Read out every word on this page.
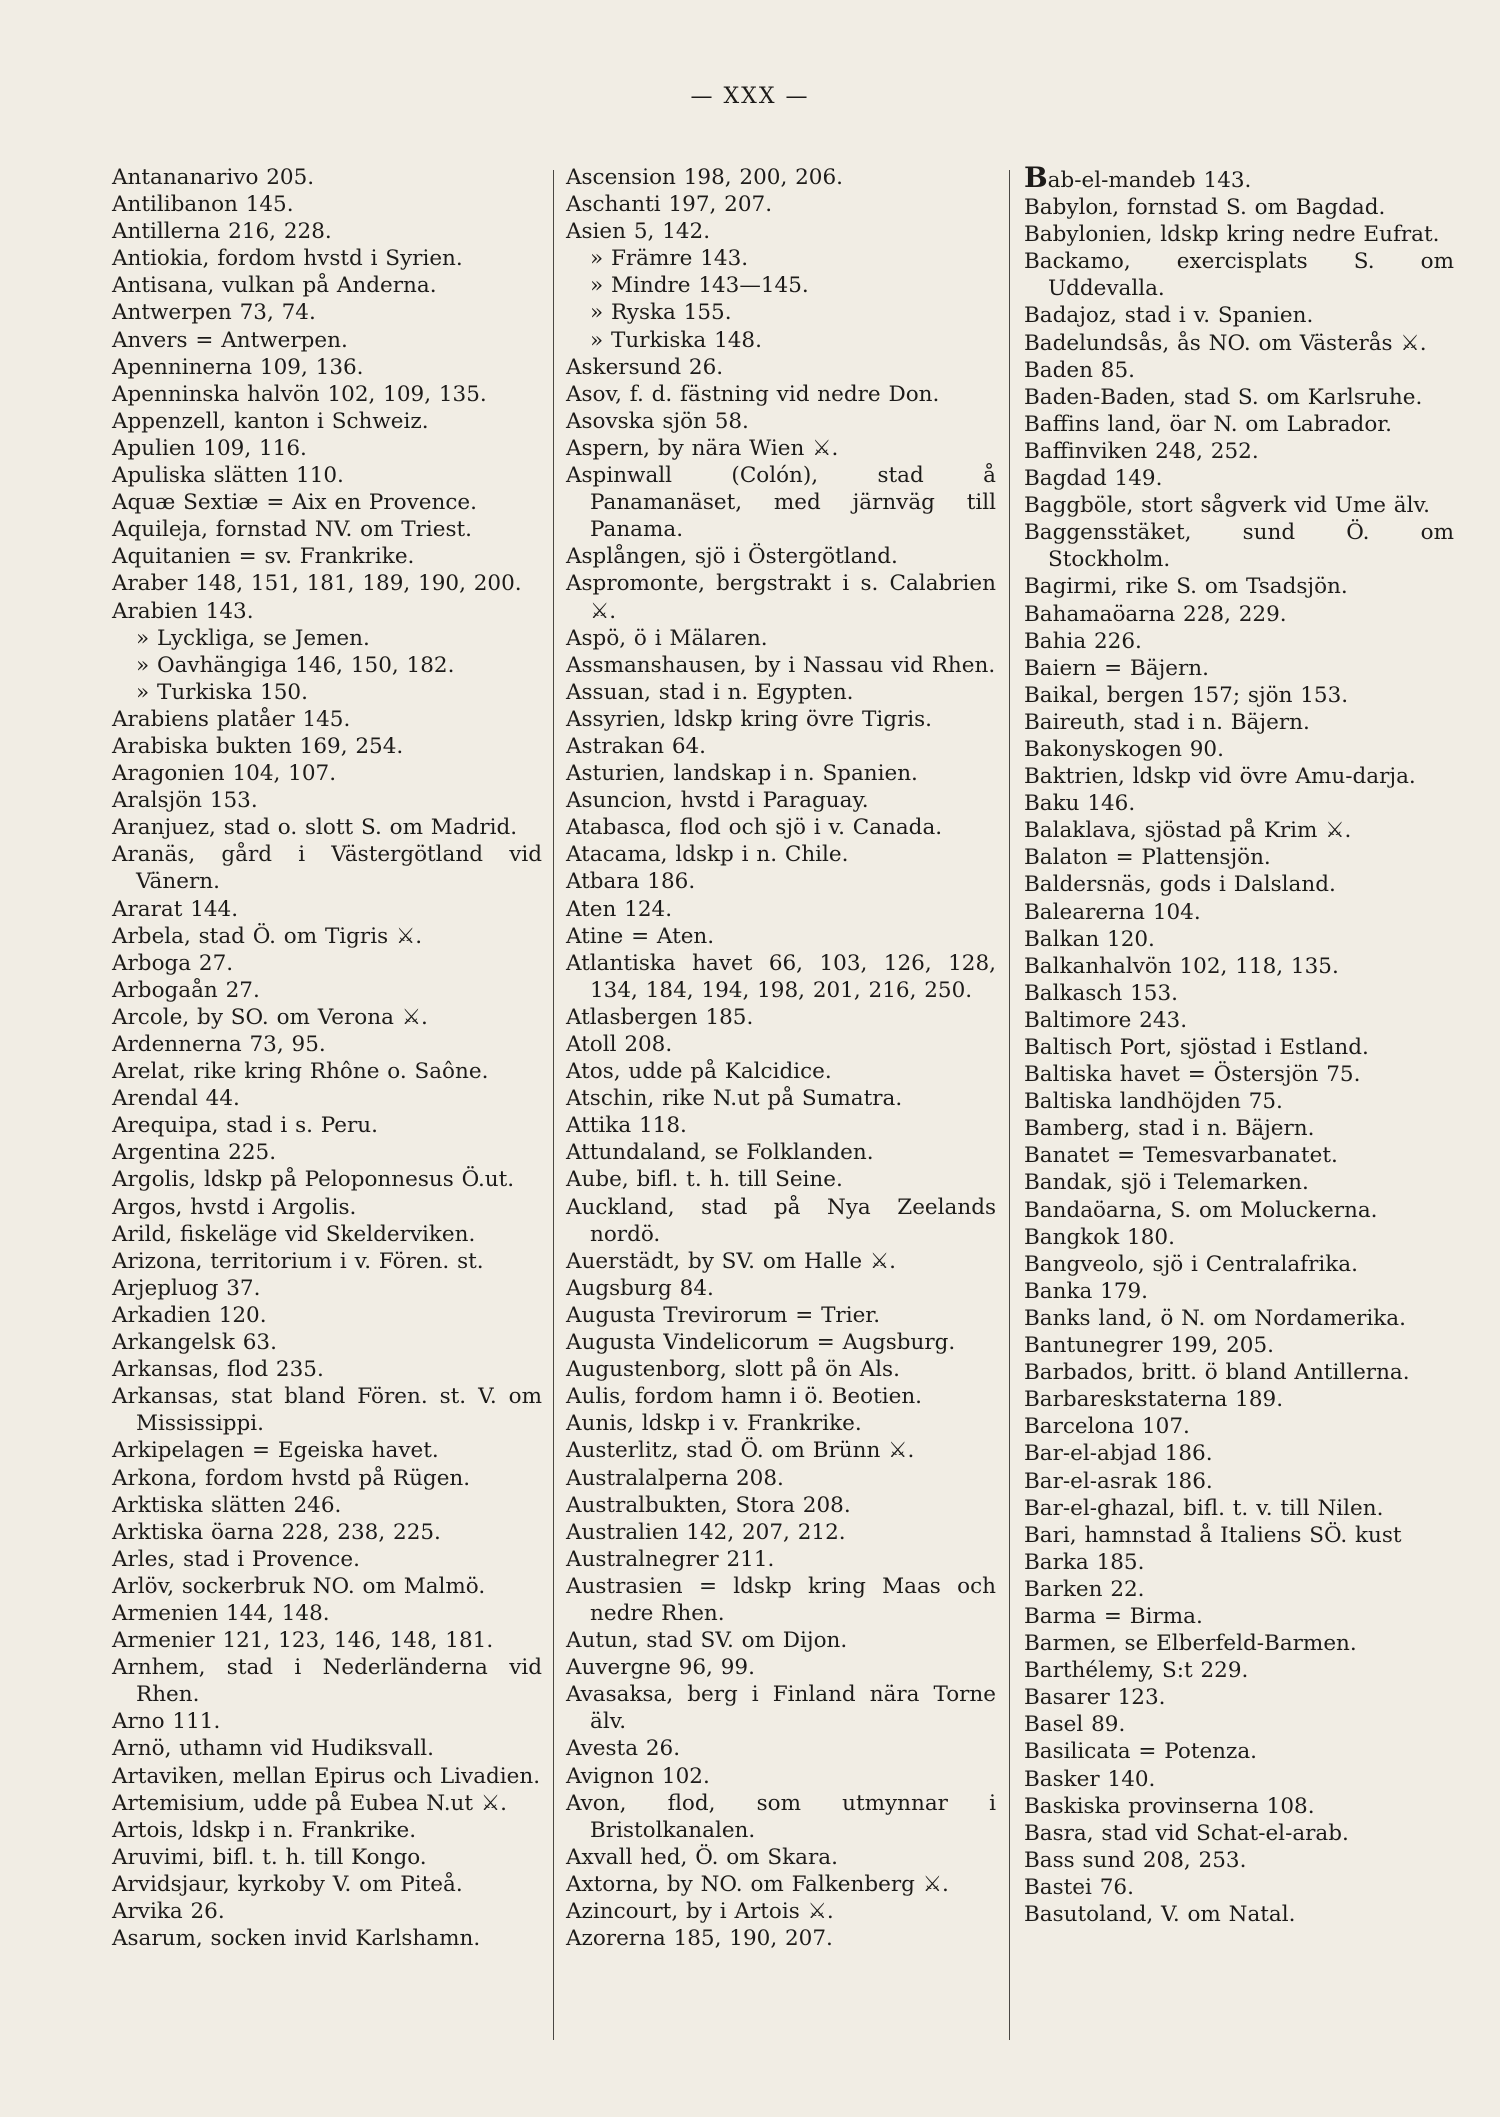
— XXX —
Antananarivo 205.
Antilibanon 145.
Antillerna 216, 228.
Antiokia, fordom hvstd i Syrien.
Antisana, vulkan på Anderna.
Antwerpen 73, 74.
Anvers = Antwerpen.
Apenninerna 109, 136.
Apenninska halvön 102, 109, 135.
Appenzell, kanton i Schweiz.
Apulien 109, 116.
Apuliska slätten 110.
Aquæ Sextiæ = Aix en Provence.
Aquileja, fornstad NV. om Triest.
Aquitanien = sv. Frankrike.
Araber 148, 151, 181, 189, 190, 200.
Arabien 143.
» Lyckliga, se Jemen.
» Oavhängiga 146, 150, 182.
» Turkiska 150.
Arabiens platåer 145.
Arabiska bukten 169, 254.
Aragonien 104, 107.
Aralsjön 153.
Aranjuez, stad o. slott S. om Madrid.
Aranäs, gård i Västergötland vid Vänern.
Ararat 144.
Arbela, stad Ö. om Tigris ⚔.
Arboga 27.
Arbogaån 27.
Arcole, by SO. om Verona ⚔.
Ardennerna 73, 95.
Arelat, rike kring Rhône o. Saône.
Arendal 44.
Arequipa, stad i s. Peru.
Argentina 225.
Argolis, ldskp på Peloponnesus Ö.ut.
Argos, hvstd i Argolis.
Arild, fiskeläge vid Skelderviken.
Arizona, territorium i v. Fören. st.
Arjepluog 37.
Arkadien 120.
Arkangelsk 63.
Arkansas, flod 235.
Arkansas, stat bland Fören. st. V. om Mississippi.
Arkipelagen = Egeiska havet.
Arkona, fordom hvstd på Rügen.
Arktiska slätten 246.
Arktiska öarna 228, 238, 225.
Arles, stad i Provence.
Arlöv, sockerbruk NO. om Malmö.
Armenien 144, 148.
Armenier 121, 123, 146, 148, 181.
Arnhem, stad i Nederländerna vid Rhen.
Arno 111.
Arnö, uthamn vid Hudiksvall.
Artaviken, mellan Epirus och Livadien.
Artemisium, udde på Eubea N.ut ⚔.
Artois, ldskp i n. Frankrike.
Aruvimi, bifl. t. h. till Kongo.
Arvidsjaur, kyrkoby V. om Piteå.
Arvika 26.
Asarum, socken invid Karlshamn.
Ascension 198, 200, 206.
Aschanti 197, 207.
Asien 5, 142.
» Främre 143.
» Mindre 143—145.
» Ryska 155.
» Turkiska 148.
Askersund 26.
Asov, f. d. fästning vid nedre Don.
Asovska sjön 58.
Aspern, by nära Wien ⚔.
Aspinwall (Colón), stad å Panamanäset, med järnväg till Panama.
Asplången, sjö i Östergötland.
Aspromonte, bergstrakt i s. Calabrien ⚔.
Aspö, ö i Mälaren.
Assmanshausen, by i Nassau vid Rhen.
Assuan, stad i n. Egypten.
Assyrien, ldskp kring övre Tigris.
Astrakan 64.
Asturien, landskap i n. Spanien.
Asuncion, hvstd i Paraguay.
Atabasca, flod och sjö i v. Canada.
Atacama, ldskp i n. Chile.
Atbara 186.
Aten 124.
Atine = Aten.
Atlantiska havet 66, 103, 126, 128, 134, 184, 194, 198, 201, 216, 250.
Atlasbergen 185.
Atoll 208.
Atos, udde på Kalcidice.
Atschin, rike N.ut på Sumatra.
Attika 118.
Attundaland, se Folklanden.
Aube, bifl. t. h. till Seine.
Auckland, stad på Nya Zeelands nordö.
Auerstädt, by SV. om Halle ⚔.
Augsburg 84.
Augusta Trevirorum = Trier.
Augusta Vindelicorum = Augsburg.
Augustenborg, slott på ön Als.
Aulis, fordom hamn i ö. Beotien.
Aunis, ldskp i v. Frankrike.
Austerlitz, stad Ö. om Brünn ⚔.
Australalperna 208.
Australbukten, Stora 208.
Australien 142, 207, 212.
Australnegrer 211.
Austrasien = ldskp kring Maas och nedre Rhen.
Autun, stad SV. om Dijon.
Auvergne 96, 99.
Avasaksa, berg i Finland nära Torne älv.
Avesta 26.
Avignon 102.
Avon, flod, som utmynnar i Bristolkanalen.
Axvall hed, Ö. om Skara.
Axtorna, by NO. om Falkenberg ⚔.
Azincourt, by i Artois ⚔.
Azorerna 185, 190, 207.
Bab-el-mandeb 143.
Babylon, fornstad S. om Bagdad.
Babylonien, ldskp kring nedre Eufrat.
Backamo, exercisplats S. om Uddevalla.
Badajoz, stad i v. Spanien.
Badelundsås, ås NO. om Västerås ⚔.
Baden 85.
Baden-Baden, stad S. om Karlsruhe.
Baffins land, öar N. om Labrador.
Baffinviken 248, 252.
Bagdad 149.
Baggböle, stort sågverk vid Ume älv.
Baggensstäket, sund Ö. om Stockholm.
Bagirmi, rike S. om Tsadsjön.
Bahamaöarna 228, 229.
Bahia 226.
Baiern = Bäjern.
Baikal, bergen 157; sjön 153.
Baireuth, stad i n. Bäjern.
Bakonyskogen 90.
Baktrien, ldskp vid övre Amu-darja.
Baku 146.
Balaklava, sjöstad på Krim ⚔.
Balaton = Plattensjön.
Baldersnäs, gods i Dalsland.
Balearerna 104.
Balkan 120.
Balkanhalvön 102, 118, 135.
Balkasch 153.
Baltimore 243.
Baltisch Port, sjöstad i Estland.
Baltiska havet = Östersjön 75.
Baltiska landhöjden 75.
Bamberg, stad i n. Bäjern.
Banatet = Temesvarbanatet.
Bandak, sjö i Telemarken.
Bandaöarna, S. om Moluckerna.
Bangkok 180.
Bangveolo, sjö i Centralafrika.
Banka 179.
Banks land, ö N. om Nordamerika.
Bantunegrer 199, 205.
Barbados, britt. ö bland Antillerna.
Barbareskstaterna 189.
Barcelona 107.
Bar-el-abjad 186.
Bar-el-asrak 186.
Bar-el-ghazal, bifl. t. v. till Nilen.
Bari, hamnstad å Italiens SÖ. kust
Barka 185.
Barken 22.
Barma = Birma.
Barmen, se Elberfeld-Barmen.
Barthélemy, S:t 229.
Basarer 123.
Basel 89.
Basilicata = Potenza.
Basker 140.
Baskiska provinserna 108.
Basra, stad vid Schat-el-arab.
Bass sund 208, 253.
Bastei 76.
Basutoland, V. om Natal.
